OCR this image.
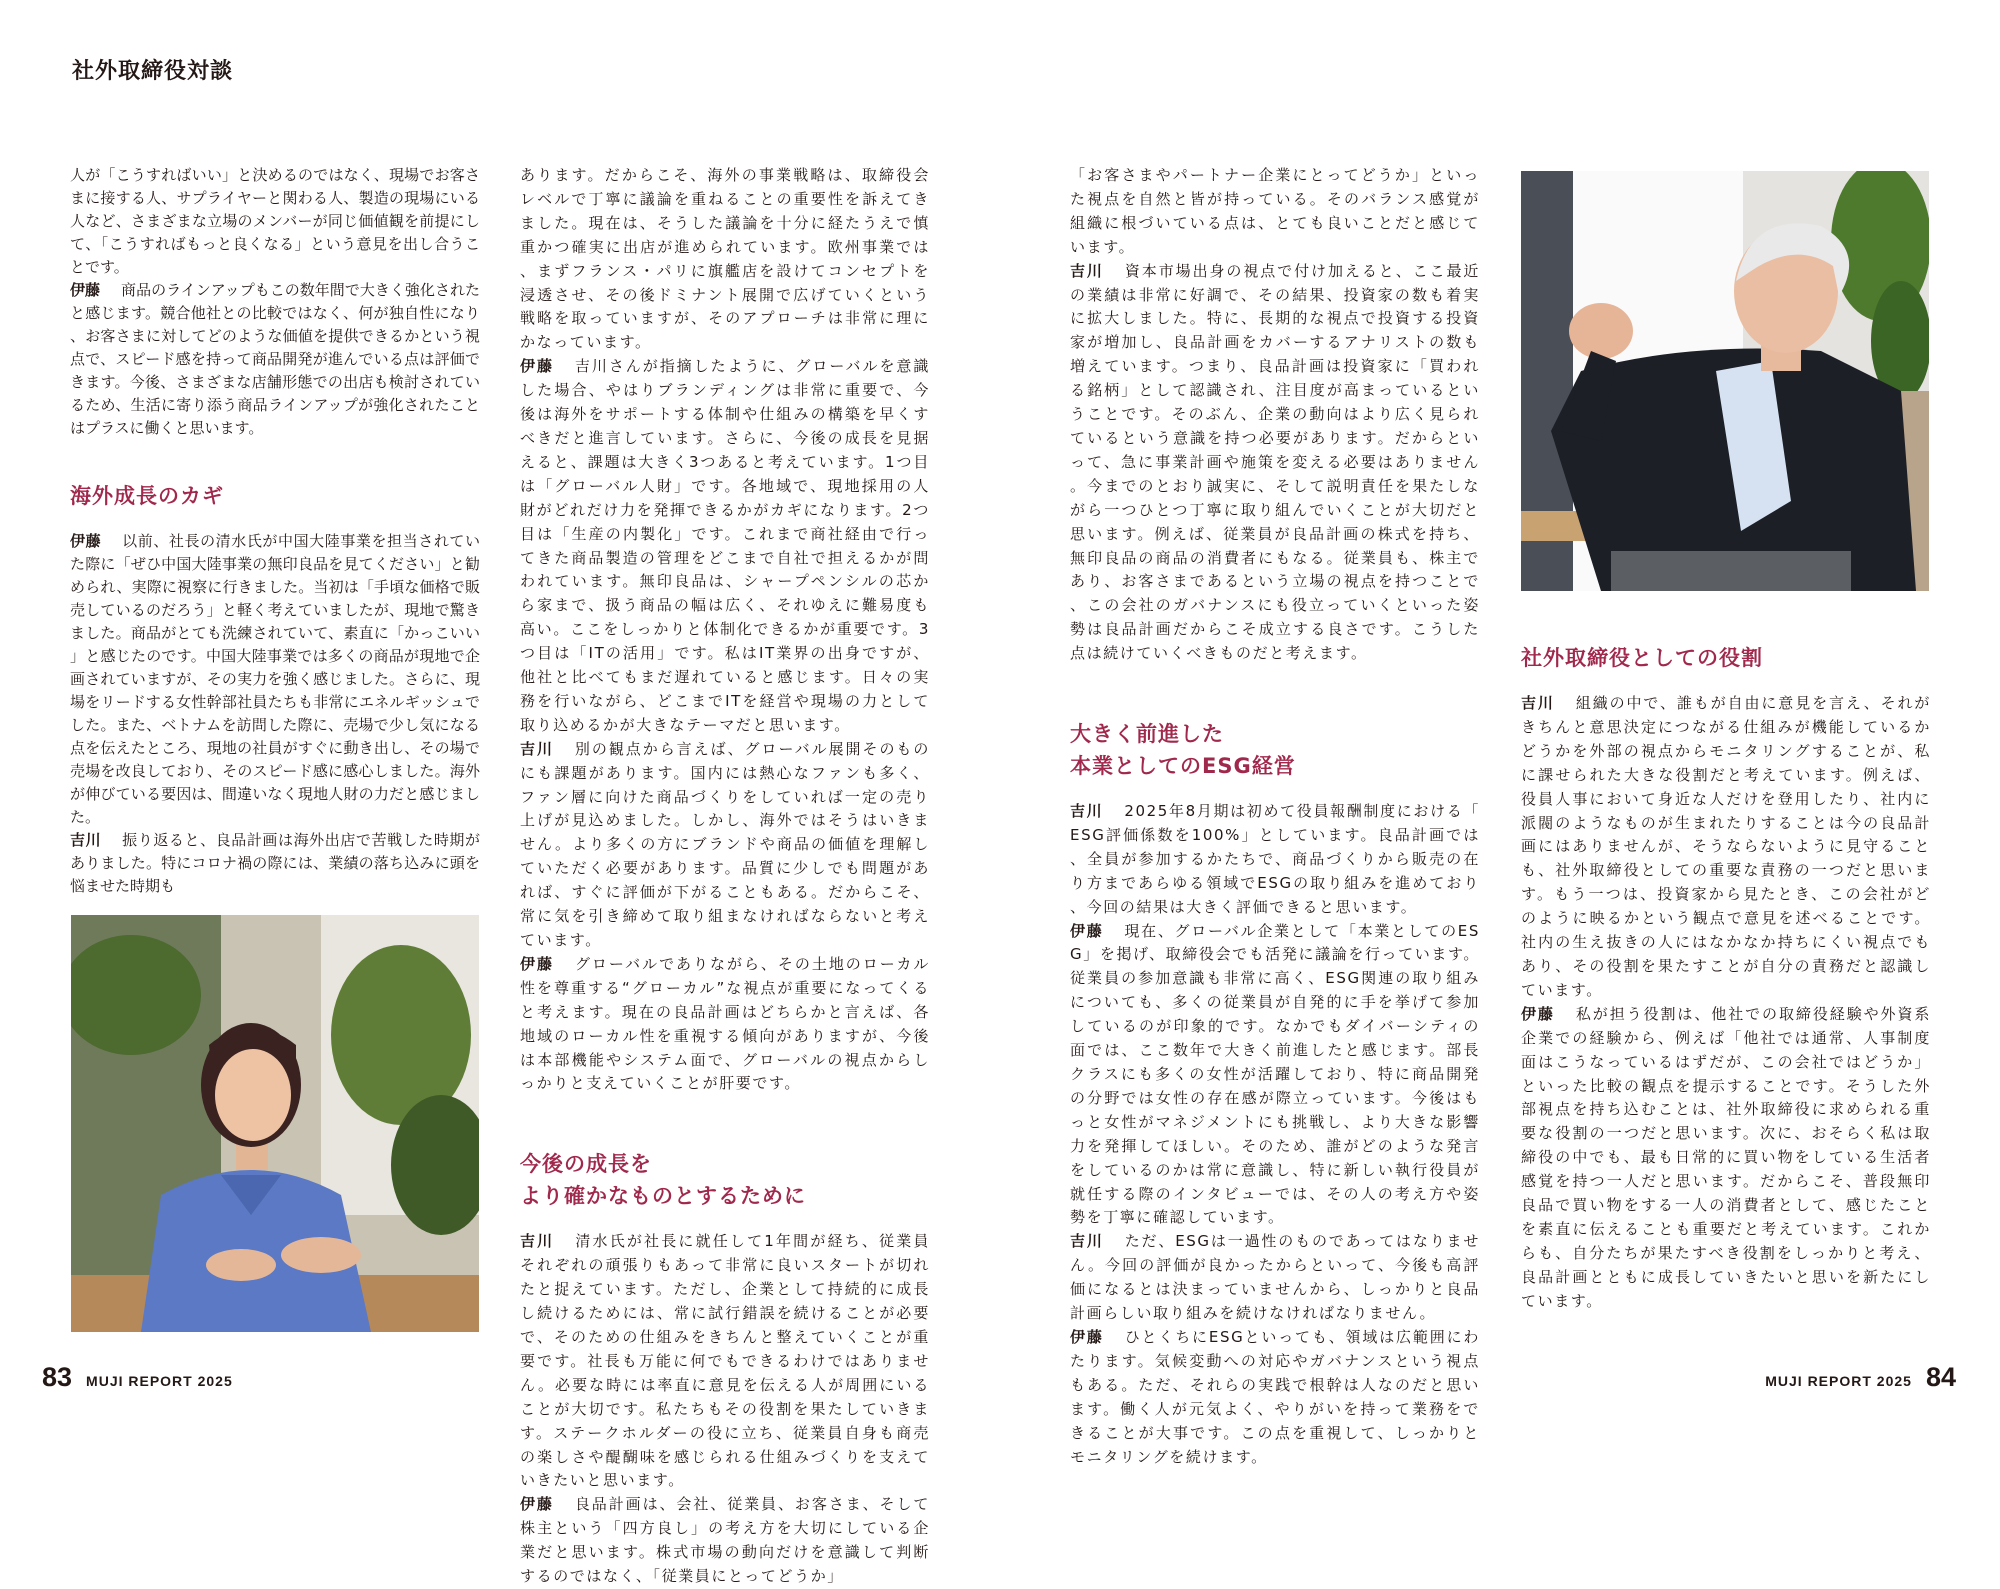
社外取締役対談

人が「こうすればいい」と決めるのではなく、現場でお客さまに接する人、サプライヤーと関わる人、製造の現場にいる人など、さまざまな立場のメンバーが同じ価値観を前提にして、「こうすればもっと良くなる」という意見を出し合うことです。

伊藤 商品のラインアップもこの数年間で大きく強化されたと感じます。競合他社との比較ではなく、何が独自性になり、お客さまに対してどのような価値を提供できるかという視点で、スピード感を持って商品開発が進んでいる点は評価できます。今後、さまざまな店舗形態での出店も検討されているため、生活に寄り添う商品ラインアップが強化されたことはプラスに働くと思います。

海外成長のカギ

伊藤 以前、社長の清水氏が中国大陸事業を担当されていた際に「ぜひ中国大陸事業の無印良品を見てください」と勧められ、実際に視察に行きました。当初は「手頃な価格で販売しているのだろう」と軽く考えていましたが、現地で驚きました。商品がとても洗練されていて、素直に「かっこいい」と感じたのです。中国大陸事業では多くの商品が現地で企画されていますが、その実力を強く感じました。さらに、現場をリードする女性幹部社員たちも非常にエネルギッシュでした。また、ベトナムを訪問した際に、売場で少し気になる点を伝えたところ、現地の社員がすぐに動き出し、その場で売場を改良しており、そのスピード感に感心しました。海外が伸びている要因は、間違いなく現地人財の力だと感じました。

吉川 振り返ると、良品計画は海外出店で苦戦した時期がありました。特にコロナ禍の際には、業績の落ち込みに頭を悩ませた時期も

あります。だからこそ、海外の事業戦略は、取締役会レベルで丁寧に議論を重ねることの重要性を訴えてきました。現在は、そうした議論を十分に経たうえで慎重かつ確実に出店が進められています。欧州事業では、まずフランス・パリに旗艦店を設けてコンセプトを浸透させ、その後ドミナント展開で広げていくという戦略を取っていますが、そのアプローチは非常に理にかなっています。

伊藤 吉川さんが指摘したように、グローバルを意識した場合、やはりブランディングは非常に重要で、今後は海外をサポートする体制や仕組みの構築を早くすべきだと進言しています。さらに、今後の成長を見据えると、課題は大きく3つあると考えています。1つ目は「グローバル人財」です。各地域で、現地採用の人財がどれだけ力を発揮できるかがカギになります。2つ目は「生産の内製化」です。これまで商社経由で行ってきた商品製造の管理をどこまで自社で担えるかが問われています。無印良品は、シャープペンシルの芯から家まで、扱う商品の幅は広く、それゆえに難易度も高い。ここをしっかりと体制化できるかが重要です。3つ目は「ITの活用」です。私はIT業界の出身ですが、他社と比べてもまだ遅れていると感じます。日々の実務を行いながら、どこまでITを経営や現場の力として取り込めるかが大きなテーマだと思います。

吉川 別の観点から言えば、グローバル展開そのものにも課題があります。国内には熱心なファンも多く、ファン層に向けた商品づくりをしていれば一定の売り上げが見込めました。しかし、海外ではそうはいきません。より多くの方にブランドや商品の価値を理解していただく必要があります。品質に少しでも問題があれば、すぐに評価が下がることもある。だからこそ、常に気を引き締めて取り組まなければならないと考えています。

伊藤 グローバルでありながら、その土地のローカル性を尊重する“グローカル”な視点が重要になってくると考えます。現在の良品計画はどちらかと言えば、各地域のローカル性を重視する傾向がありますが、今後は本部機能やシステム面で、グローバルの視点からしっかりと支えていくことが肝要です。

今後の成長を
より確かなものとするために

吉川 清水氏が社長に就任して1年間が経ち、従業員それぞれの頑張りもあって非常に良いスタートが切れたと捉えています。ただし、企業として持続的に成長し続けるためには、常に試行錯誤を続けることが必要で、そのための仕組みをきちんと整えていくことが重要です。社長も万能に何でもできるわけではありません。必要な時には率直に意見を伝える人が周囲にいることが大切です。私たちもその役割を果たしていきます。ステークホルダーの役に立ち、従業員自身も商売の楽しさや醍醐味を感じられる仕組みづくりを支えていきたいと思います。

伊藤 良品計画は、会社、従業員、お客さま、そして株主という「四方良し」の考え方を大切にしている企業だと思います。株式市場の動向だけを意識して判断するのではなく、「従業員にとってどうか」

「お客さまやパートナー企業にとってどうか」といった視点を自然と皆が持っている。そのバランス感覚が組織に根づいている点は、とても良いことだと感じています。

吉川 資本市場出身の視点で付け加えると、ここ最近の業績は非常に好調で、その結果、投資家の数も着実に拡大しました。特に、長期的な視点で投資する投資家が増加し、良品計画をカバーするアナリストの数も増えています。つまり、良品計画は投資家に「買われる銘柄」として認識され、注目度が高まっているということです。そのぶん、企業の動向はより広く見られているという意識を持つ必要があります。だからといって、急に事業計画や施策を変える必要はありません。今までのとおり誠実に、そして説明責任を果たしながら一つひとつ丁寧に取り組んでいくことが大切だと思います。例えば、従業員が良品計画の株式を持ち、無印良品の商品の消費者にもなる。従業員も、株主であり、お客さまであるという立場の視点を持つことで、この会社のガバナンスにも役立っていくといった姿勢は良品計画だからこそ成立する良さです。こうした点は続けていくべきものだと考えます。

大きく前進した
本業としてのESG経営

吉川 2025年8月期は初めて役員報酬制度における「ESG評価係数を100%」としています。良品計画では、全員が参加するかたちで、商品づくりから販売の在り方まであらゆる領域でESGの取り組みを進めており、今回の結果は大きく評価できると思います。

伊藤 現在、グローバル企業として「本業としてのESG」を掲げ、取締役会でも活発に議論を行っています。従業員の参加意識も非常に高く、ESG関連の取り組みについても、多くの従業員が自発的に手を挙げて参加しているのが印象的です。なかでもダイバーシティの面では、ここ数年で大きく前進したと感じます。部長クラスにも多くの女性が活躍しており、特に商品開発の分野では女性の存在感が際立っています。今後はもっと女性がマネジメントにも挑戦し、より大きな影響力を発揮してほしい。そのため、誰がどのような発言をしているのかは常に意識し、特に新しい執行役員が就任する際のインタビューでは、その人の考え方や姿勢を丁寧に確認しています。

吉川 ただ、ESGは一過性のものであってはなりません。今回の評価が良かったからといって、今後も高評価になるとは決まっていませんから、しっかりと良品計画らしい取り組みを続けなければなりません。

伊藤 ひとくちにESGといっても、領域は広範囲にわたります。気候変動への対応やガバナンスという視点もある。ただ、それらの実践で根幹は人なのだと思います。働く人が元気よく、やりがいを持って業務をできることが大事です。この点を重視して、しっかりとモニタリングを続けます。

社外取締役としての役割

吉川 組織の中で、誰もが自由に意見を言え、それがきちんと意思決定につながる仕組みが機能しているかどうかを外部の視点からモニタリングすることが、私に課せられた大きな役割だと考えています。例えば、役員人事において身近な人だけを登用したり、社内に派閥のようなものが生まれたりすることは今の良品計画にはありませんが、そうならないように見守ることも、社外取締役としての重要な責務の一つだと思います。もう一つは、投資家から見たとき、この会社がどのように映るかという観点で意見を述べることです。社内の生え抜きの人にはなかなか持ちにくい視点でもあり、その役割を果たすことが自分の責務だと認識しています。

伊藤 私が担う役割は、他社での取締役経験や外資系企業での経験から、例えば「他社では通常、人事制度面はこうなっているはずだが、この会社ではどうか」といった比較の観点を提示することです。そうした外部視点を持ち込むことは、社外取締役に求められる重要な役割の一つだと思います。次に、おそらく私は取締役の中でも、最も日常的に買い物をしている生活者感覚を持つ一人だと思います。だからこそ、普段無印良品で買い物をする一人の消費者として、感じたことを素直に伝えることも重要だと考えています。これからも、自分たちが果たすべき役割をしっかりと考え、良品計画とともに成長していきたいと思いを新たにしています。

83 MUJI REPORT 2025	MUJI REPORT 2025 84
